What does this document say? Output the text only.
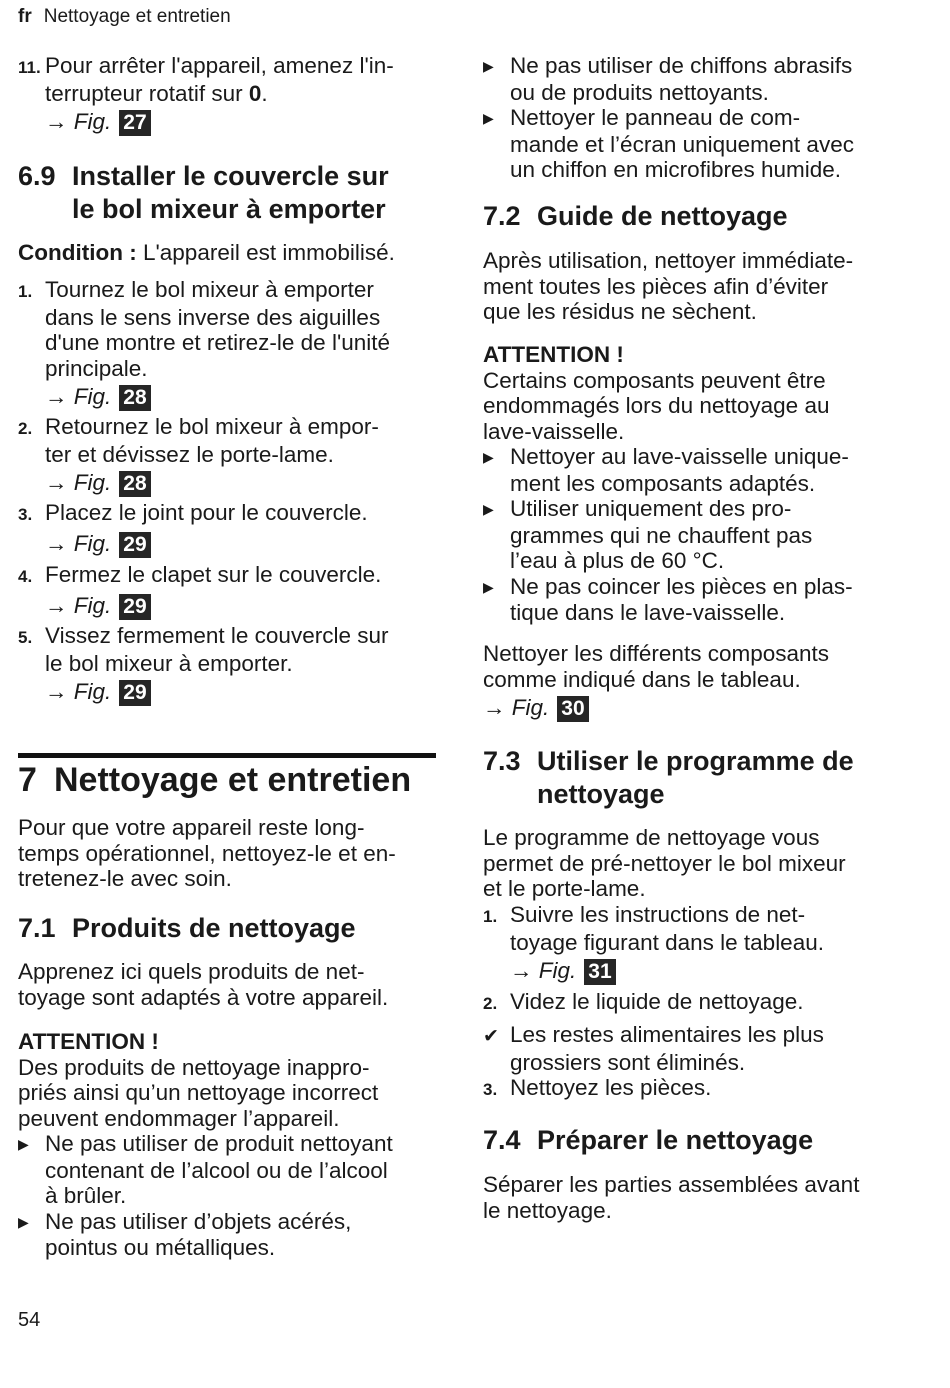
fr Nettoyage et entretien
11. Pour arrêter l'appareil, amenez l'in-
terrupteur rotatif sur 0.
→ Fig. 27
6.9 Installer le couvercle sur
le bol mixeur à emporter
Condition : L'appareil est immobilisé.
1. Tournez le bol mixeur à emporter
dans le sens inverse des aiguilles
d'une montre et retirez-le de l'unité
principale.
→ Fig. 28
2. Retournez le bol mixeur à empor-
ter et dévissez le porte-lame.
→ Fig. 28
3. Placez le joint pour le couvercle.
→ Fig. 29
4. Fermez le clapet sur le couvercle.
→ Fig. 29
5. Vissez fermement le couvercle sur
le bol mixeur à emporter.
→ Fig. 29
7 Nettoyage et entretien
Pour que votre appareil reste long-
temps opérationnel, nettoyez-le et en-
tretenez-le avec soin.
7.1 Produits de nettoyage
Apprenez ici quels produits de net-
toyage sont adaptés à votre appareil.
ATTENTION !
Des produits de nettoyage inappro-
priés ainsi qu’un nettoyage incorrect
peuvent endommager l’appareil.
▶ Ne pas utiliser de produit nettoyant
contenant de l’alcool ou de l’alcool
à brûler.
▶ Ne pas utiliser d’objets acérés,
pointus ou métalliques.
▶ Ne pas utiliser de chiffons abrasifs
ou de produits nettoyants.
▶ Nettoyer le panneau de com-
mande et l’écran uniquement avec
un chiffon en microfibres humide.
7.2 Guide de nettoyage
Après utilisation, nettoyer immédiate-
ment toutes les pièces afin d’éviter
que les résidus ne sèchent.
ATTENTION !
Certains composants peuvent être
endommagés lors du nettoyage au
lave-vaisselle.
▶ Nettoyer au lave-vaisselle unique-
ment les composants adaptés.
▶ Utiliser uniquement des pro-
grammes qui ne chauffent pas
l’eau à plus de 60 °C.
▶ Ne pas coincer les pièces en plas-
tique dans le lave-vaisselle.
Nettoyer les différents composants
comme indiqué dans le tableau.
→ Fig. 30
7.3 Utiliser le programme de
nettoyage
Le programme de nettoyage vous
permet de pré-nettoyer le bol mixeur
et le porte-lame.
1. Suivre les instructions de net-
toyage figurant dans le tableau.
→ Fig. 31
2. Videz le liquide de nettoyage.
✔ Les restes alimentaires les plus
grossiers sont éliminés.
3. Nettoyez les pièces.
7.4 Préparer le nettoyage
Séparer les parties assemblées avant
le nettoyage.
54
